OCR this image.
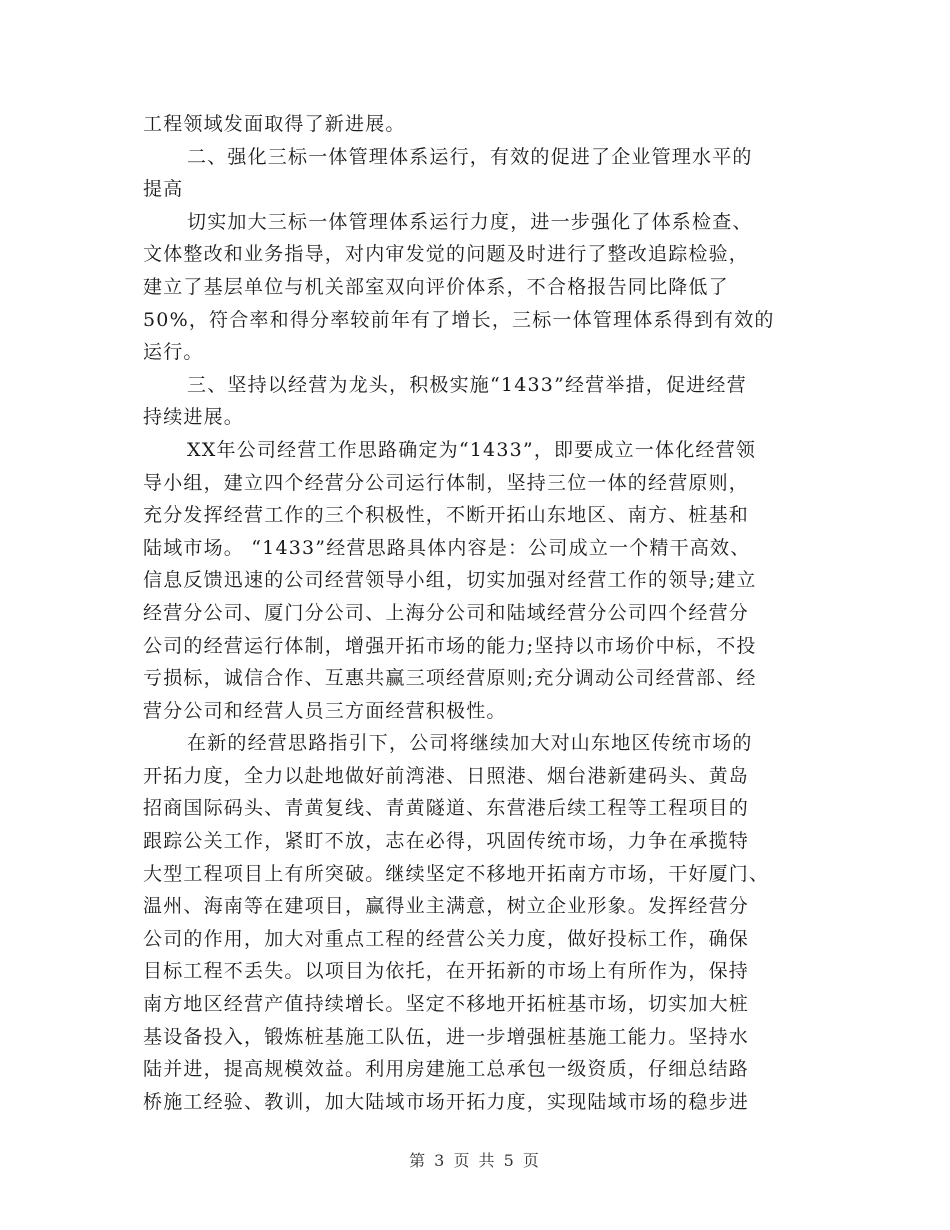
工程领域发面取得了新进展。
二、强化三标一体管理体系运行，有效的促进了企业管理水平的
提高
切实加大三标一体管理体系运行力度，进一步强化了体系检查、
文体整改和业务指导，对内审发觉的问题及时进行了整改追踪检验，
建立了基层单位与机关部室双向评价体系，不合格报告同比降低了
50%，符合率和得分率较前年有了增长，三标一体管理体系得到有效的
运行。
三、坚持以经营为龙头，积极实施“1433”经营举措，促进经营
持续进展。
XX年公司经营工作思路确定为“1433”，即要成立一体化经营领
导小组，建立四个经营分公司运行体制，坚持三位一体的经营原则，
充分发挥经营工作的三个积极性，不断开拓山东地区、南方、桩基和
陆域市场。 “1433”经营思路具体内容是：公司成立一个精干高效、
信息反馈迅速的公司经营领导小组，切实加强对经营工作的领导;建立
经营分公司、厦门分公司、上海分公司和陆域经营分公司四个经营分
公司的经营运行体制，增强开拓市场的能力;坚持以市场价中标，不投
亏损标，诚信合作、互惠共赢三项经营原则;充分调动公司经营部、经
营分公司和经营人员三方面经营积极性。
在新的经营思路指引下，公司将继续加大对山东地区传统市场的
开拓力度，全力以赴地做好前湾港、日照港、烟台港新建码头、黄岛
招商国际码头、青黄复线、青黄隧道、东营港后续工程等工程项目的
跟踪公关工作，紧盯不放，志在必得，巩固传统市场，力争在承揽特
大型工程项目上有所突破。继续坚定不移地开拓南方市场，干好厦门、
温州、海南等在建项目，赢得业主满意，树立企业形象。发挥经营分
公司的作用，加大对重点工程的经营公关力度，做好投标工作，确保
目标工程不丢失。以项目为依托，在开拓新的市场上有所作为，保持
南方地区经营产值持续增长。坚定不移地开拓桩基市场，切实加大桩
基设备投入，锻炼桩基施工队伍，进一步增强桩基施工能力。坚持水
陆并进，提高规模效益。利用房建施工总承包一级资质，仔细总结路
桥施工经验、教训，加大陆域市场开拓力度，实现陆域市场的稳步进
第 3 页 共 5 页
